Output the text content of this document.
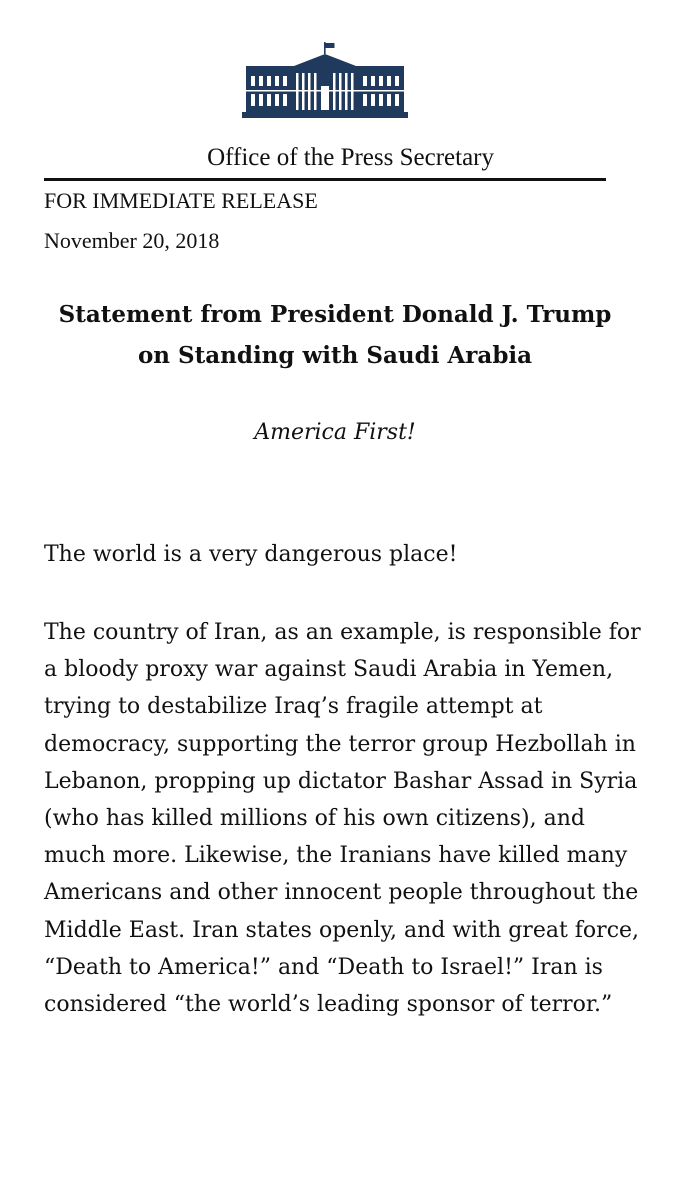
Office of the Press Secretary
FOR IMMEDIATE RELEASE
November 20, 2018
Statement from President Donald J. Trump on Standing with Saudi Arabia
America First!
The world is a very dangerous place!
The country of Iran, as an example, is responsible for a bloody proxy war against Saudi Arabia in Yemen, trying to destabilize Iraq’s fragile attempt at democracy, supporting the terror group Hezbollah in Lebanon, propping up dictator Bashar Assad in Syria (who has killed millions of his own citizens), and much more. Likewise, the Iranians have killed many Americans and other innocent people throughout the Middle East. Iran states openly, and with great force, “Death to America!” and “Death to Israel!” Iran is considered “the world’s leading sponsor of terror.”
